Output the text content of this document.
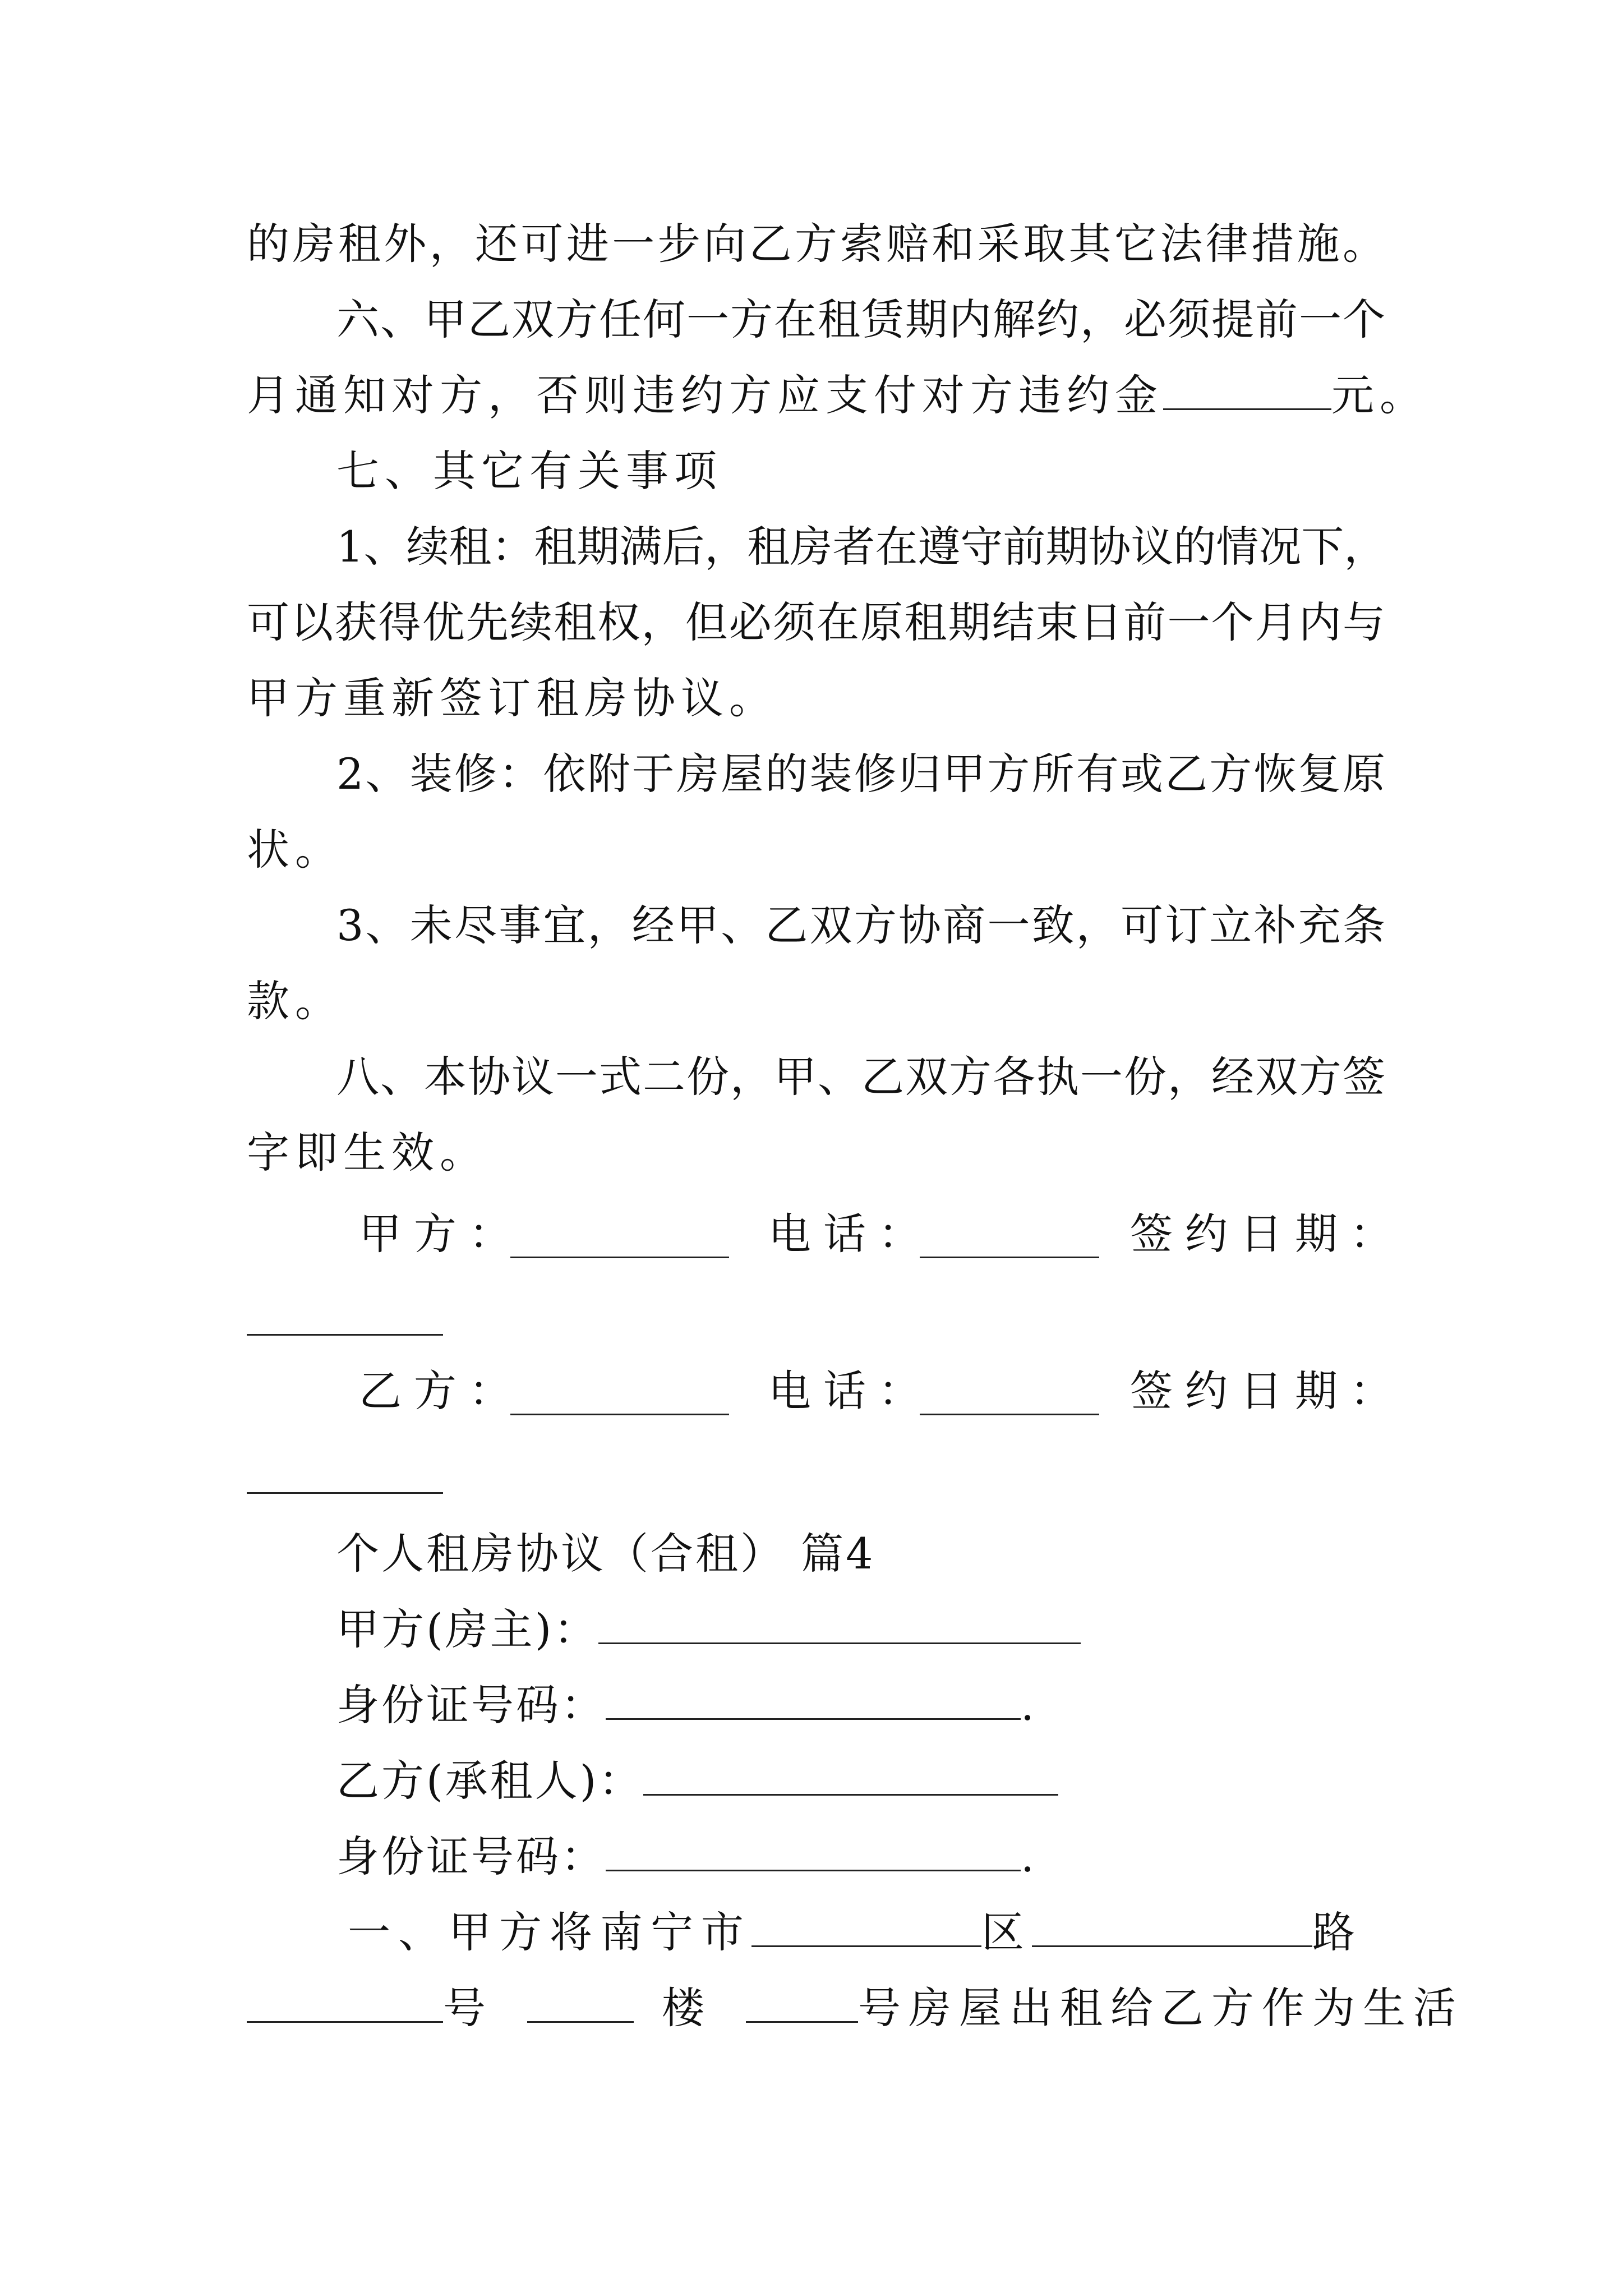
的房租外，还可进一步向乙方索赔和采取其它法律措施。
六、甲乙双方任何一方在租赁期内解约，必须提前一个
月通知对方，否则违约方应支付对方违约金	元。
七、其它有关事项
1、续租：租期满后，租房者在遵守前期协议的情况下，
可以获得优先续租权，但必须在原租期结束日前一个月内与
甲方重新签订租房协议。
2、装修：依附于房屋的装修归甲方所有或乙方恢复原
状。
3、未尽事宜，经甲、乙双方协商一致，可订立补充条
款。
八、本协议一式二份，甲、乙双方各执一份，经双方签
字即生效。
甲方：	电话：	签约日期：
乙方：	电话：	签约日期：
个人租房协议（合租） 篇4
甲方(房主)：
身份证号码：	.
乙方(承租人)：
身份证号码：	.
一、甲方将南宁市	区	路
号	楼	号房屋出租给乙方作为生活
